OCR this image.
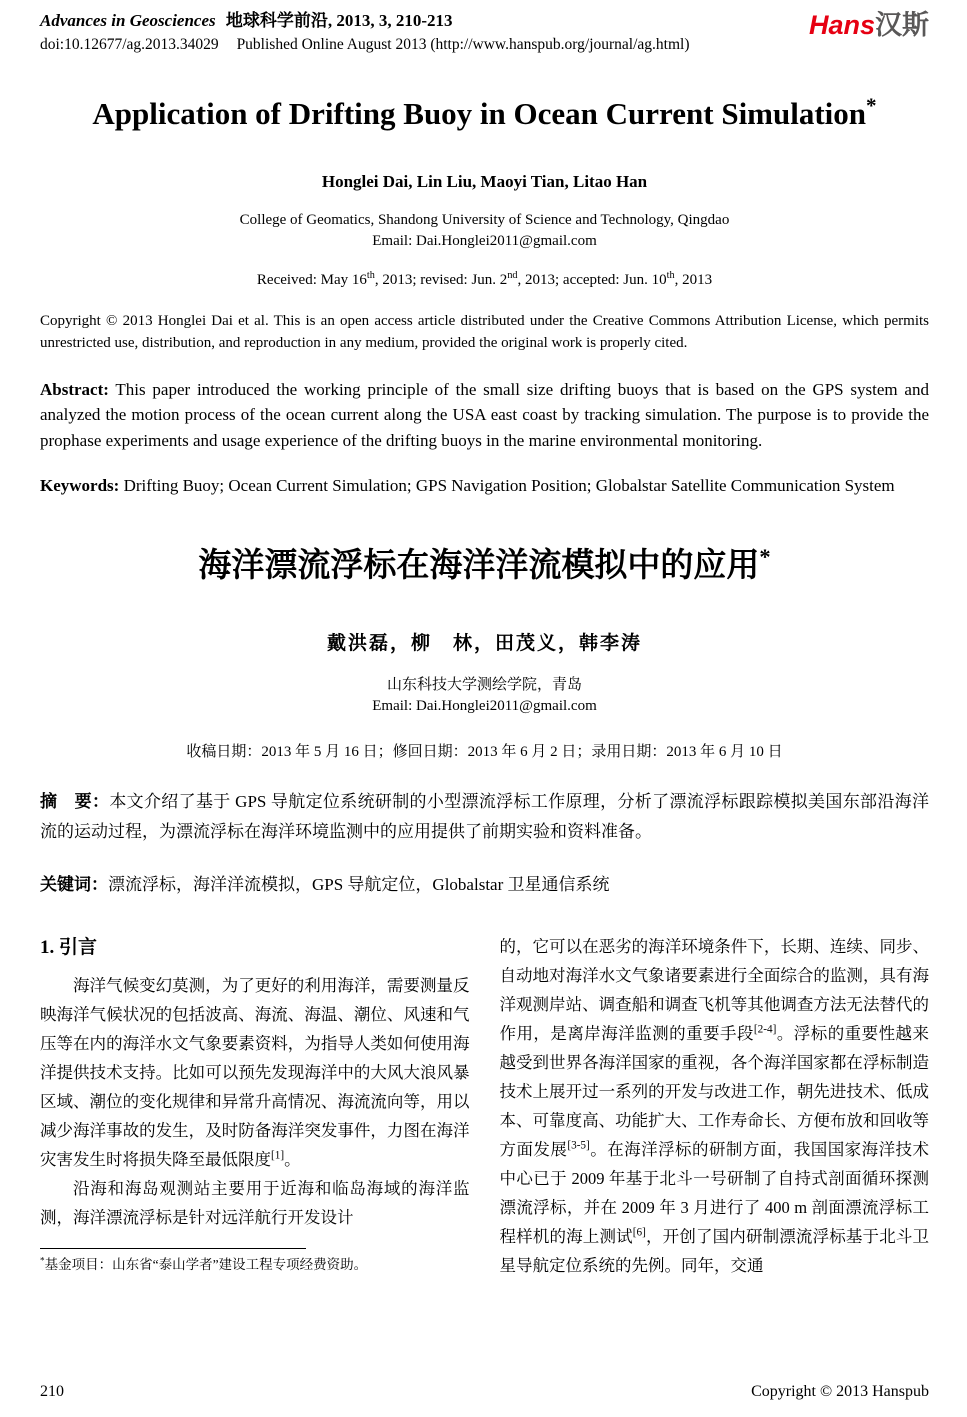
Advances in Geosciences 地球科学前沿, 2013, 3, 210-213
doi:10.12677/ag.2013.34029 Published Online August 2013 (http://www.hanspub.org/journal/ag.html)
Hans汉斯
Application of Drifting Buoy in Ocean Current Simulation*

Honglei Dai, Lin Liu, Maoyi Tian, Litao Han

College of Geomatics, Shandong University of Science and Technology, Qingdao
Email: Dai.Honglei2011@gmail.com

Received: May 16th, 2013; revised: Jun. 2nd, 2013; accepted: Jun. 10th, 2013

Copyright © 2013 Honglei Dai et al. This is an open access article distributed under the Creative Commons Attribution License, which permits unrestricted use, distribution, and reproduction in any medium, provided the original work is properly cited.

Abstract: This paper introduced the working principle of the small size drifting buoys that is based on the GPS system and analyzed the motion process of the ocean current along the USA east coast by tracking simulation. The purpose is to provide the prophase experiments and usage experience of the drifting buoys in the marine environmental monitoring.

Keywords: Drifting Buoy; Ocean Current Simulation; GPS Navigation Position; Globalstar Satellite Communication System

海洋漂流浮标在海洋洋流模拟中的应用*

戴洪磊，柳　林，田茂义，韩李涛

山东科技大学测绘学院，青岛
Email: Dai.Honglei2011@gmail.com

收稿日期：2013 年 5 月 16 日；修回日期：2013 年 6 月 2 日；录用日期：2013 年 6 月 10 日

摘　要：本文介绍了基于 GPS 导航定位系统研制的小型漂流浮标工作原理，分析了漂流浮标跟踪模拟美国东部沿海洋流的运动过程，为漂流浮标在海洋环境监测中的应用提供了前期实验和资料准备。

关键词：漂流浮标，海洋洋流模拟，GPS 导航定位，Globalstar 卫星通信系统

1. 引言

海洋气候变幻莫测，为了更好的利用海洋，需要测量反映海洋气候状况的包括波高、海流、海温、潮位、风速和气压等在内的海洋水文气象要素资料，为指导人类如何使用海洋提供技术支持。比如可以预先发现海洋中的大风大浪风暴区域、潮位的变化规律和异常升高情况、海流流向等，用以减少海洋事故的发生，及时防备海洋突发事件，力图在海洋灾害发生时将损失降至最低限度[1]。

沿海和海岛观测站主要用于近海和临岛海域的海洋监测，海洋漂流浮标是针对远洋航行开发设计

*基金项目：山东省“泰山学者”建设工程专项经费资助。

的，它可以在恶劣的海洋环境条件下，长期、连续、同步、自动地对海洋水文气象诸要素进行全面综合的监测，具有海洋观测岸站、调查船和调查飞机等其他调查方法无法替代的作用，是离岸海洋监测的重要手段[2-4]。浮标的重要性越来越受到世界各海洋国家的重视，各个海洋国家都在浮标制造技术上展开过一系列的开发与改进工作，朝先进技术、低成本、可靠度高、功能扩大、工作寿命长、方便布放和回收等方面发展[3-5]。在海洋浮标的研制方面，我国国家海洋技术中心已于 2009 年基于北斗一号研制了自持式剖面循环探测漂流浮标，并在 2009 年 3 月进行了 400 m 剖面漂流浮标工程样机的海上测试[6]，开创了国内研制漂流浮标基于北斗卫星导航定位系统的先例。同年，交通

210	Copyright © 2013 Hanspub
